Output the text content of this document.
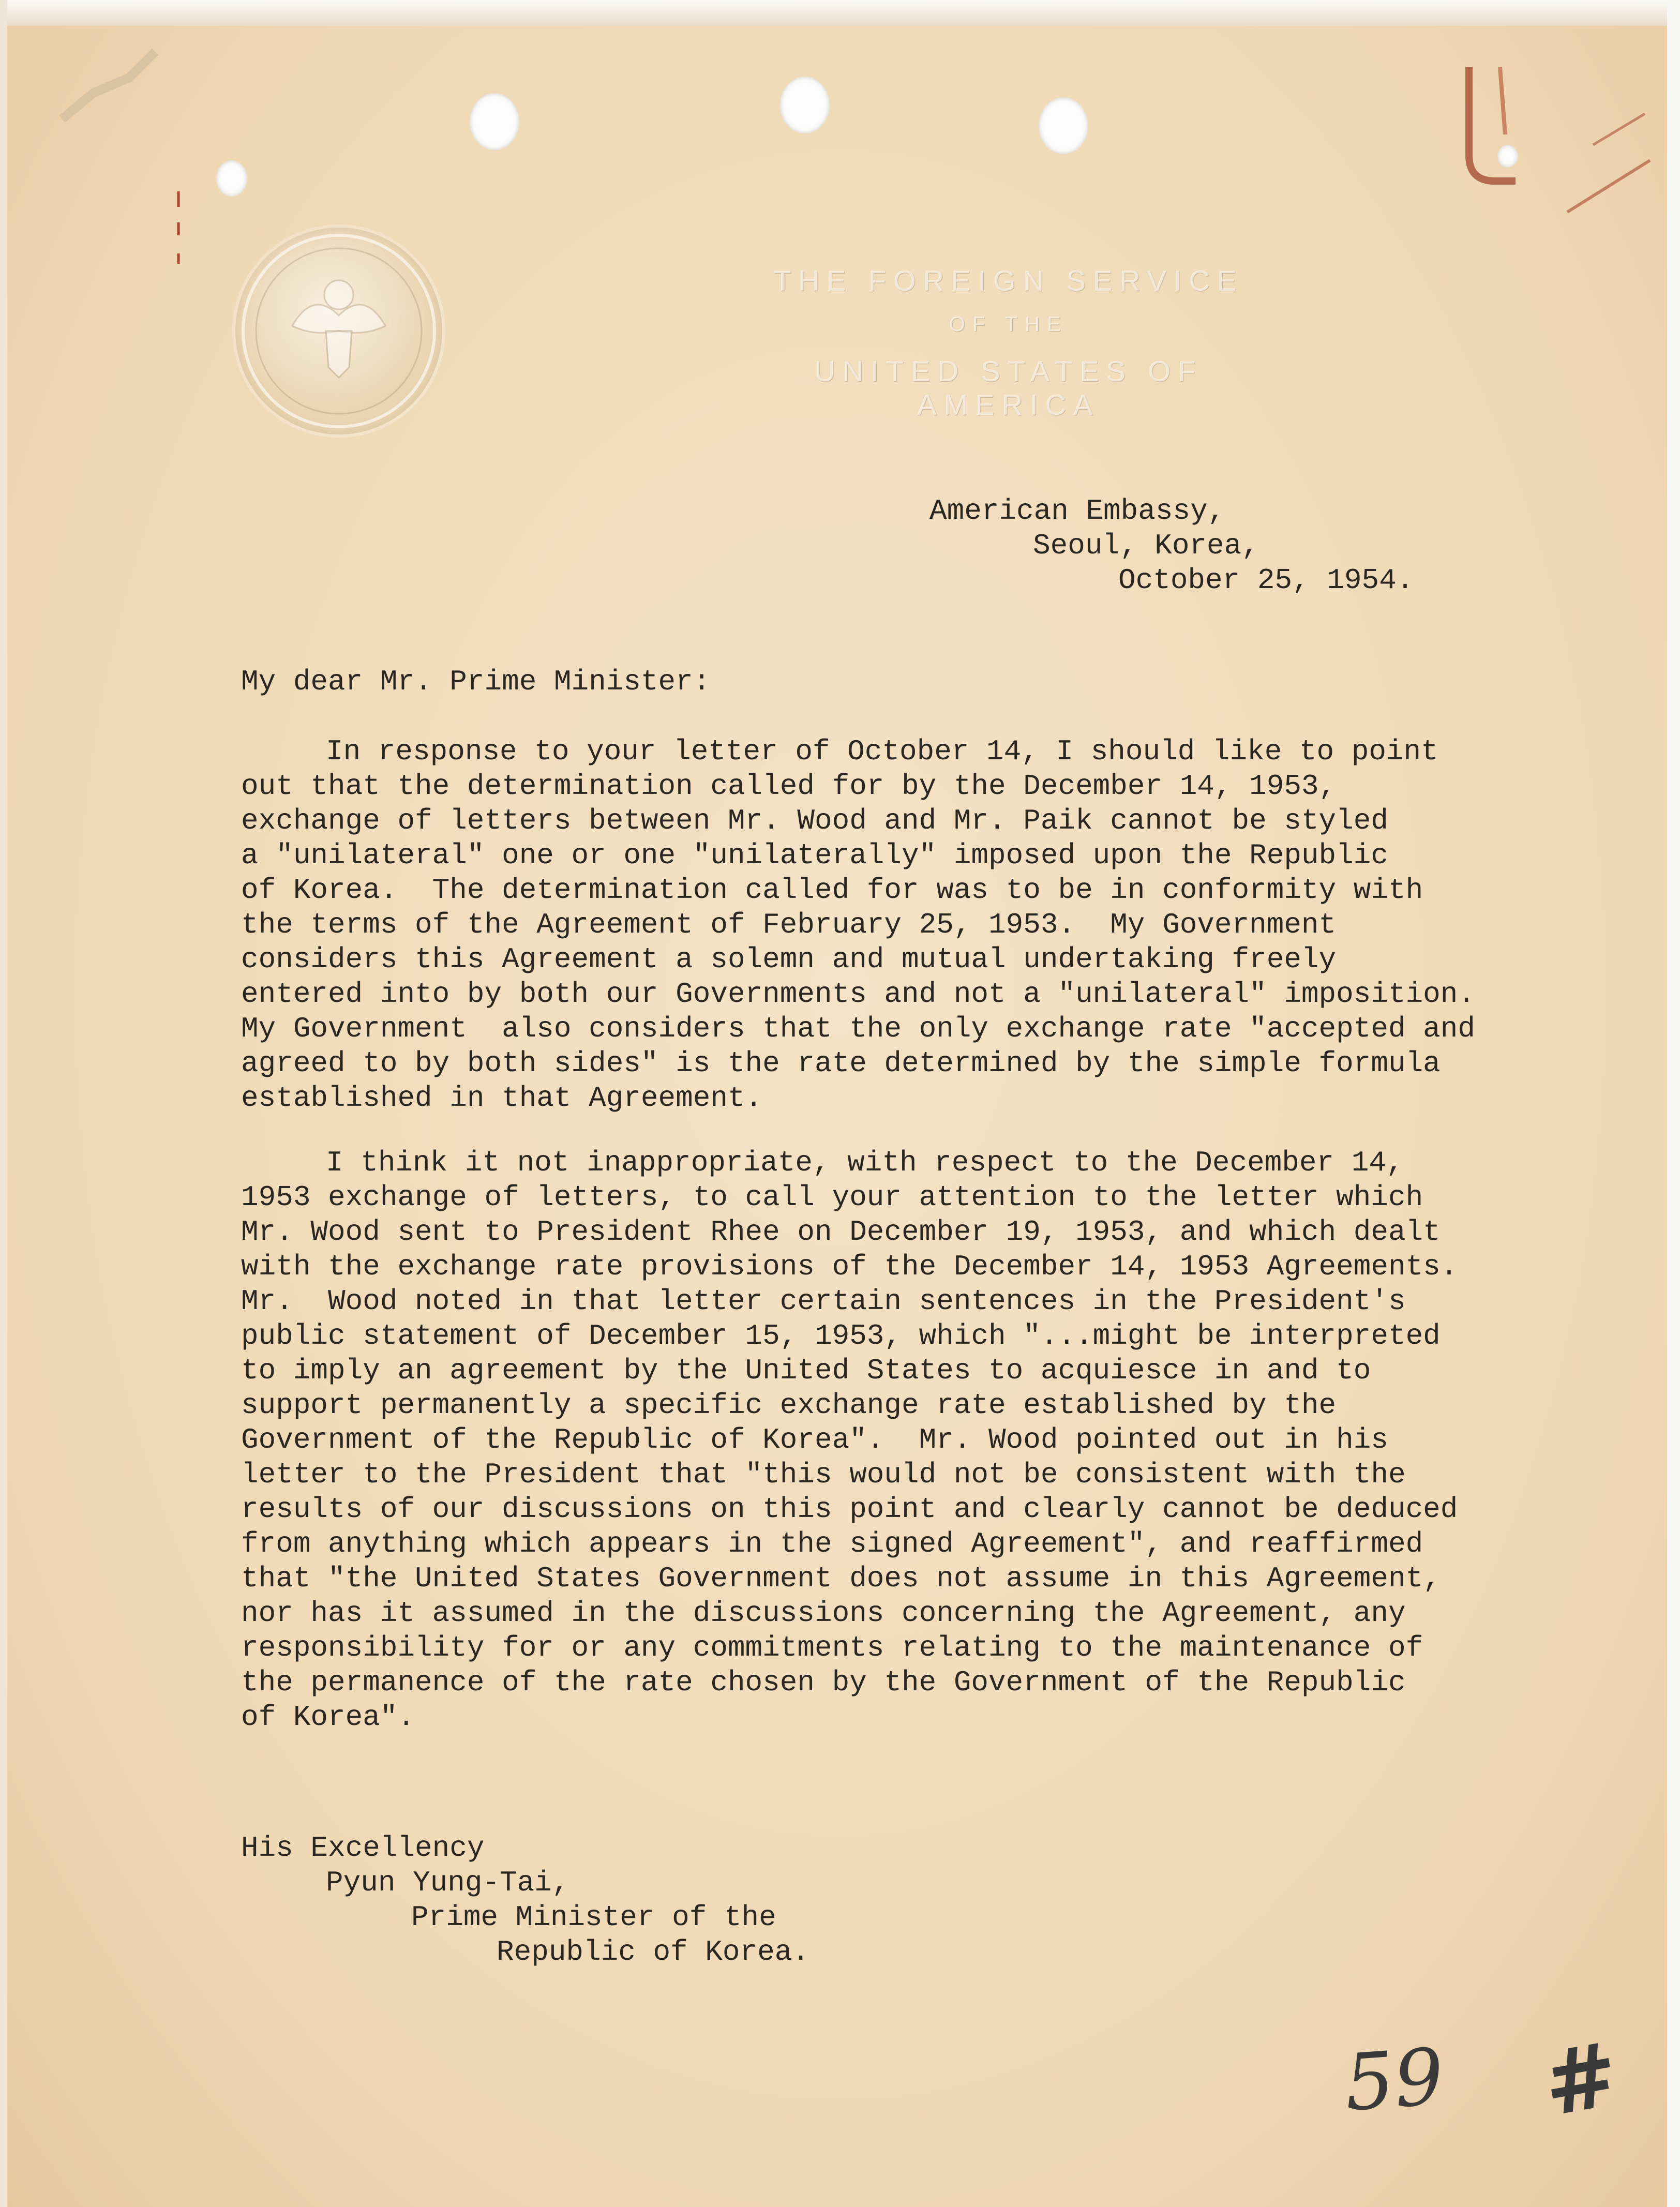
THE FOREIGN SERVICE
OF THE
UNITED STATES OF AMERICA
American Embassy,
Seoul, Korea,
October 25, 1954.
My dear Mr. Prime Minister:
In response to your letter of October 14, I should like to point
out that the determination called for by the December 14, 1953,
exchange of letters between Mr. Wood and Mr. Paik cannot be styled
a "unilateral" one or one "unilaterally" imposed upon the Republic
of Korea.  The determination called for was to be in conformity with
the terms of the Agreement of February 25, 1953.  My Government
considers this Agreement a solemn and mutual undertaking freely
entered into by both our Governments and not a "unilateral" imposition.
My Government  also considers that the only exchange rate "accepted and
agreed to by both sides" is the rate determined by the simple formula
established in that Agreement.
I think it not inappropriate, with respect to the December 14,
1953 exchange of letters, to call your attention to the letter which
Mr. Wood sent to President Rhee on December 19, 1953, and which dealt
with the exchange rate provisions of the December 14, 1953 Agreements.
Mr.  Wood noted in that letter certain sentences in the President's
public statement of December 15, 1953, which "...might be interpreted
to imply an agreement by the United States to acquiesce in and to
support permanently a specific exchange rate established by the
Government of the Republic of Korea".  Mr. Wood pointed out in his
letter to the President that "this would not be consistent with the
results of our discussions on this point and clearly cannot be deduced
from anything which appears in the signed Agreement", and reaffirmed
that "the United States Government does not assume in this Agreement,
nor has it assumed in the discussions concerning the Agreement, any
responsibility for or any commitments relating to the maintenance of
the permanence of the rate chosen by the Government of the Republic
of Korea".
His Excellency
Pyun Yung-Tai,
Prime Minister of the
Republic of Korea.
59 #
